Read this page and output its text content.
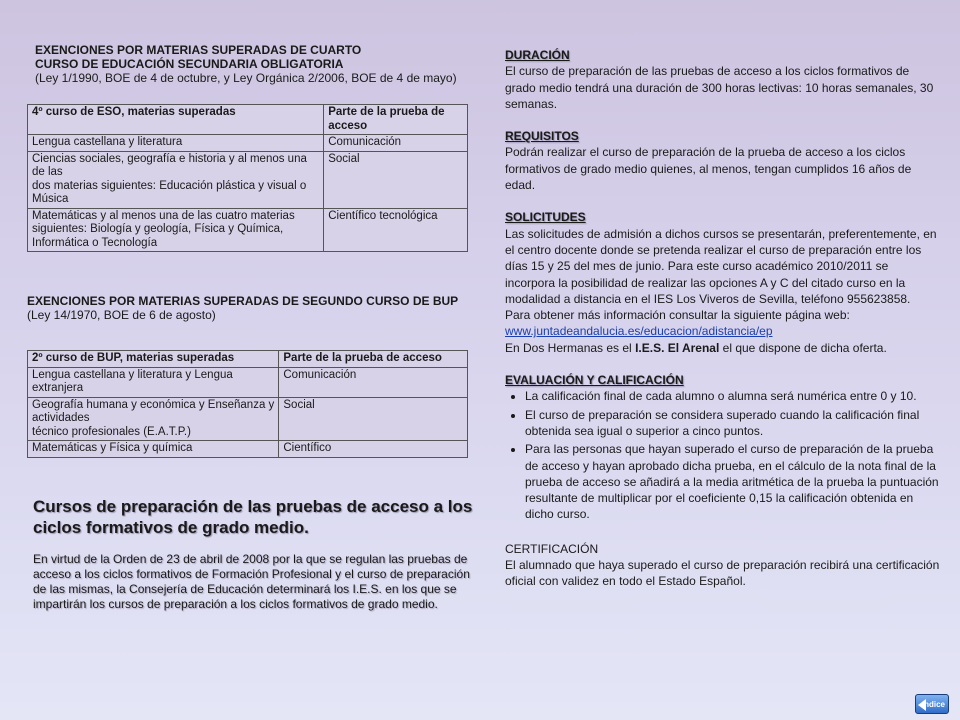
EXENCIONES POR MATERIAS SUPERADAS DE CUARTO
CURSO DE EDUCACIÓN SECUNDARIA OBLIGATORIA
(Ley 1/1990, BOE de 4 de octubre, y Ley Orgánica 2/2006, BOE de 4 de mayo)
4º curso de ESO, materias superadas	Parte de la prueba de acceso
Lengua castellana y literatura	Comunicación
Ciencias sociales, geografía e historia y al menos una de las
dos materias siguientes: Educación plástica y visual o Música	Social
Matemáticas y al menos una de las cuatro materias siguientes: Biología y geología, Física y Química, Informática o Tecnología	Científico tecnológica
EXENCIONES POR MATERIAS SUPERADAS DE SEGUNDO CURSO DE BUP
(Ley 14/1970, BOE de 6 de agosto)
2º curso de BUP, materias superadas	Parte de la prueba de acceso
Lengua castellana y literatura y Lengua extranjera	Comunicación
Geografía humana y económica y Enseñanza y actividades
técnico profesionales (E.A.T.P.)	Social
Matemáticas y Física y química	Científico
Cursos de preparación de las pruebas de acceso a los ciclos formativos de grado medio.
En virtud de la Orden de 23 de abril de 2008 por la que se regulan las pruebas de acceso a los ciclos formativos de Formación Profesional y el curso de preparación de las mismas, la Consejería de Educación determinará los I.E.S. en los que se impartirán los cursos de preparación a los ciclos formativos de grado medio.
DURACIÓN

El curso de preparación de las pruebas de acceso a los ciclos formativos de grado medio tendrá una duración de 300 horas lectivas: 10 horas semanales, 30 semanas.

REQUISITOS

Podrán realizar el curso de preparación de la prueba de acceso a los ciclos formativos de grado medio quienes, al menos, tengan cumplidos 16 años de edad.

SOLICITUDES

Las solicitudes de admisión a dichos cursos se presentarán, preferentemente, en el centro docente donde se pretenda realizar el curso de preparación entre los días 15 y 25 del mes de junio. Para este curso académico 2010/2011 se incorpora la posibilidad de realizar las opciones A y C del citado curso en la modalidad a distancia en el IES Los Viveros de Sevilla, teléfono 955623858.

Para obtener más información consultar la siguiente página web:

www.juntadeandalucia.es/educacion/adistancia/ep

En Dos Hermanas es el I.E.S. El Arenal el que dispone de dicha oferta.

EVALUACIÓN Y CALIFICACIÓN
• La calificación final de cada alumno o alumna será numérica entre 0 y 10.
• El curso de preparación se considera superado cuando la calificación final obtenida sea igual o superior a cinco puntos.
• Para las personas que hayan superado el curso de preparación de la prueba de acceso y hayan aprobado dicha prueba, en el cálculo de la nota final de la prueba de acceso se añadirá a la media aritmética de la prueba la puntuación resultante de multiplicar por el coeficiente 0,15 la calificación obtenida en dicho curso.
CERTIFICACIÓN

El alumnado que haya superado el curso de preparación recibirá una certificación oficial con validez en todo el Estado Español.

índice
